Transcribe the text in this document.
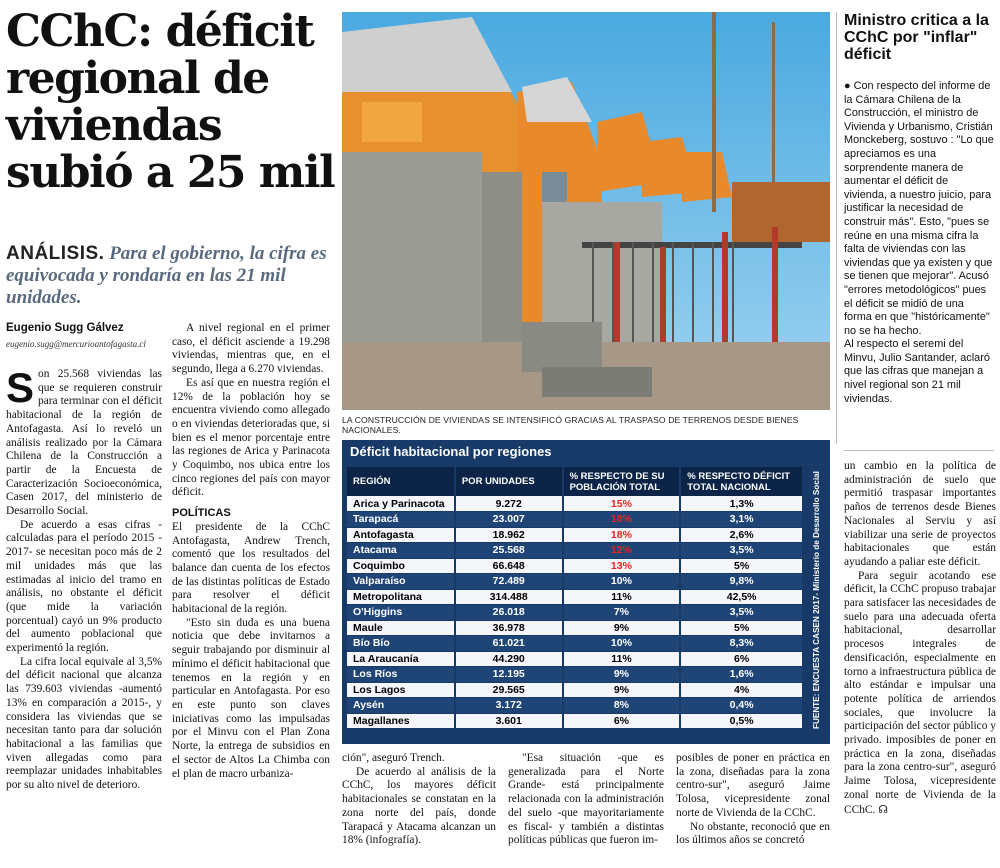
CChC: déficit regional de viviendas subió a 25 mil
ANÁLISIS. Para el gobierno, la cifra es equivocada y rondaría en las 21 mil unidades.
Eugenio Sugg Gálvez
eugenio.sugg@mercurioantofagasta.cl

Son 25.568 viviendas las que se requieren construir para terminar con el déficit habitacional de la región de Antofagasta. Así lo reveló un análisis realizado por la Cámara Chilena de la Construcción a partir de la Encuesta de Caracterización Socioeconómica, Casen 2017, del ministerio de Desarrollo Social.

De acuerdo a esas cifras -calculadas para el período 2015 - 2017- se necesitan poco más de 2 mil unidades más que las estimadas al inicio del tramo en análisis, no obstante el déficit (que mide la variación porcentual) cayó un 9% producto del aumento poblacional que experimentó la región.

La cifra local equivale al 3,5% del déficit nacional que alcanza las 739.603 viviendas -aumentó 13% en comparación a 2015-, y considera las viviendas que se necesitan tanto para dar solución habitacional a las familias que viven allegadas como para reemplazar unidades inhabitables por su alto nivel de deterioro.

A nivel regional en el primer caso, el déficit asciende a 19.298 viviendas, mientras que, en el segundo, llega a 6.270 viviendas.

Es así que en nuestra región el 12% de la población hoy se encuentra viviendo como allegado o en viviendas deterioradas que, si bien es el menor porcentaje entre las regiones de Arica y Parinacota y Coquimbo, nos ubica entre los cinco regiones del país con mayor déficit.

POLÍTICAS

El presidente de la CChC Antofagasta, Andrew Trench, comentó que los resultados del balance dan cuenta de los efectos de las distintas políticas de Estado para resolver el déficit habitacional de la región.

"Esto sin duda es una buena noticia que debe invitarnos a seguir trabajando por disminuir al mínimo el déficit habitacional que tenemos en la región y en particular en Antofagasta. Por eso en este punto son claves iniciativas como las impulsadas por el Minvu con el Plan Zona Norte, la entrega de subsidios en el sector de Altos La Chimba con el plan de macro urbaniza-

LA CONSTRUCCIÓN DE VIVIENDAS SE INTENSIFICÓ GRACIAS AL TRASPASO DE TERRENOS DESDE BIENES NACIONALES.
Ministro critica a la CChC por "inflar" déficit

● Con respecto del informe de la Cámara Chilena de la Construcción, el ministro de Vivienda y Urbanismo, Cristián Monckeberg, sostuvo : "Lo que apreciamos es una sorprendente manera de aumentar el déficit de vivienda, a nuestro juicio, para justificar la necesidad de construir más". Esto, "pues se reúne en una misma cifra la falta de viviendas con las viviendas que ya existen y que se tienen que mejorar". Acusó "errores metodológicos" pues el déficit se midió de una forma en que "históricamente" no se ha hecho.

Al respecto el seremi del Minvu, Julio Santander, aclaró que las cifras que manejan a nivel regional son 21 mil viviendas.

Déficit habitacional por regiones
REGIÓN	POR UNIDADES	% RESPECTO DE SU POBLACIÓN TOTAL	% RESPECTO DÉFICIT TOTAL NACIONAL
Arica y Parinacota	9.272	15%	1,3%
Tarapacá	23.007	18%	3,1%
Antofagasta	18.962	18%	2,6%
Atacama	25.568	12%	3,5%
Coquimbo	66.648	13%	5%
Valparaíso	72.489	10%	9,8%
Metropolitana	314.488	11%	42,5%
O'Higgins	26.018	7%	3,5%
Maule	36.978	9%	5%
Bío Bío	61.021	10%	8,3%
La Araucanía	44.290	11%	6%
Los Ríos	12.195	9%	1,6%
Los Lagos	29.565	9%	4%
Aysén	3.172	8%	0,4%
Magallanes	3.601	6%	0,5%	FUENTE: ENCUESTA CASEN 2017- Ministerio de Desarrollo Social

ción", aseguró Trench.

De acuerdo al análisis de la CChC, los mayores déficit habitacionales se constatan en la zona norte del país, donde Tarapacá y Atacama alcanzan un 18% (infografía).

"Esa situación -que es generalizada para el Norte Grande- está principalmente relacionada con la administración del suelo -que mayoritariamente es fiscal- y también a distintas políticas públicas que fueron im-

posibles de poner en práctica en la zona, diseñadas para la zona centro-sur", aseguró Jaime Tolosa, vicepresidente zonal norte de Vivienda de la CChC.

No obstante, reconoció que en los últimos años se concretó

un cambio en la política de administración de suelo que permitió traspasar importantes paños de terrenos desde Bienes Nacionales al Serviu y así viabilizar una serie de proyectos habitacionales que están ayudando a paliar este déficit.

Para seguir acotando ese déficit, la CChC propuso trabajar para satisfacer las necesidades de suelo para una adecuada oferta habitacional, desarrollar procesos integrales de densificación, especialmente en torno a infraestructura pública de alto estándar e impulsar una potente política de arriendos sociales, que involucre la participación del sector público y privado. imposibles de poner en práctica en la zona, diseñadas para la zona centro-sur", aseguró Jaime Tolosa, vicepresidente zonal norte de Vivienda de la CChC. ☊
